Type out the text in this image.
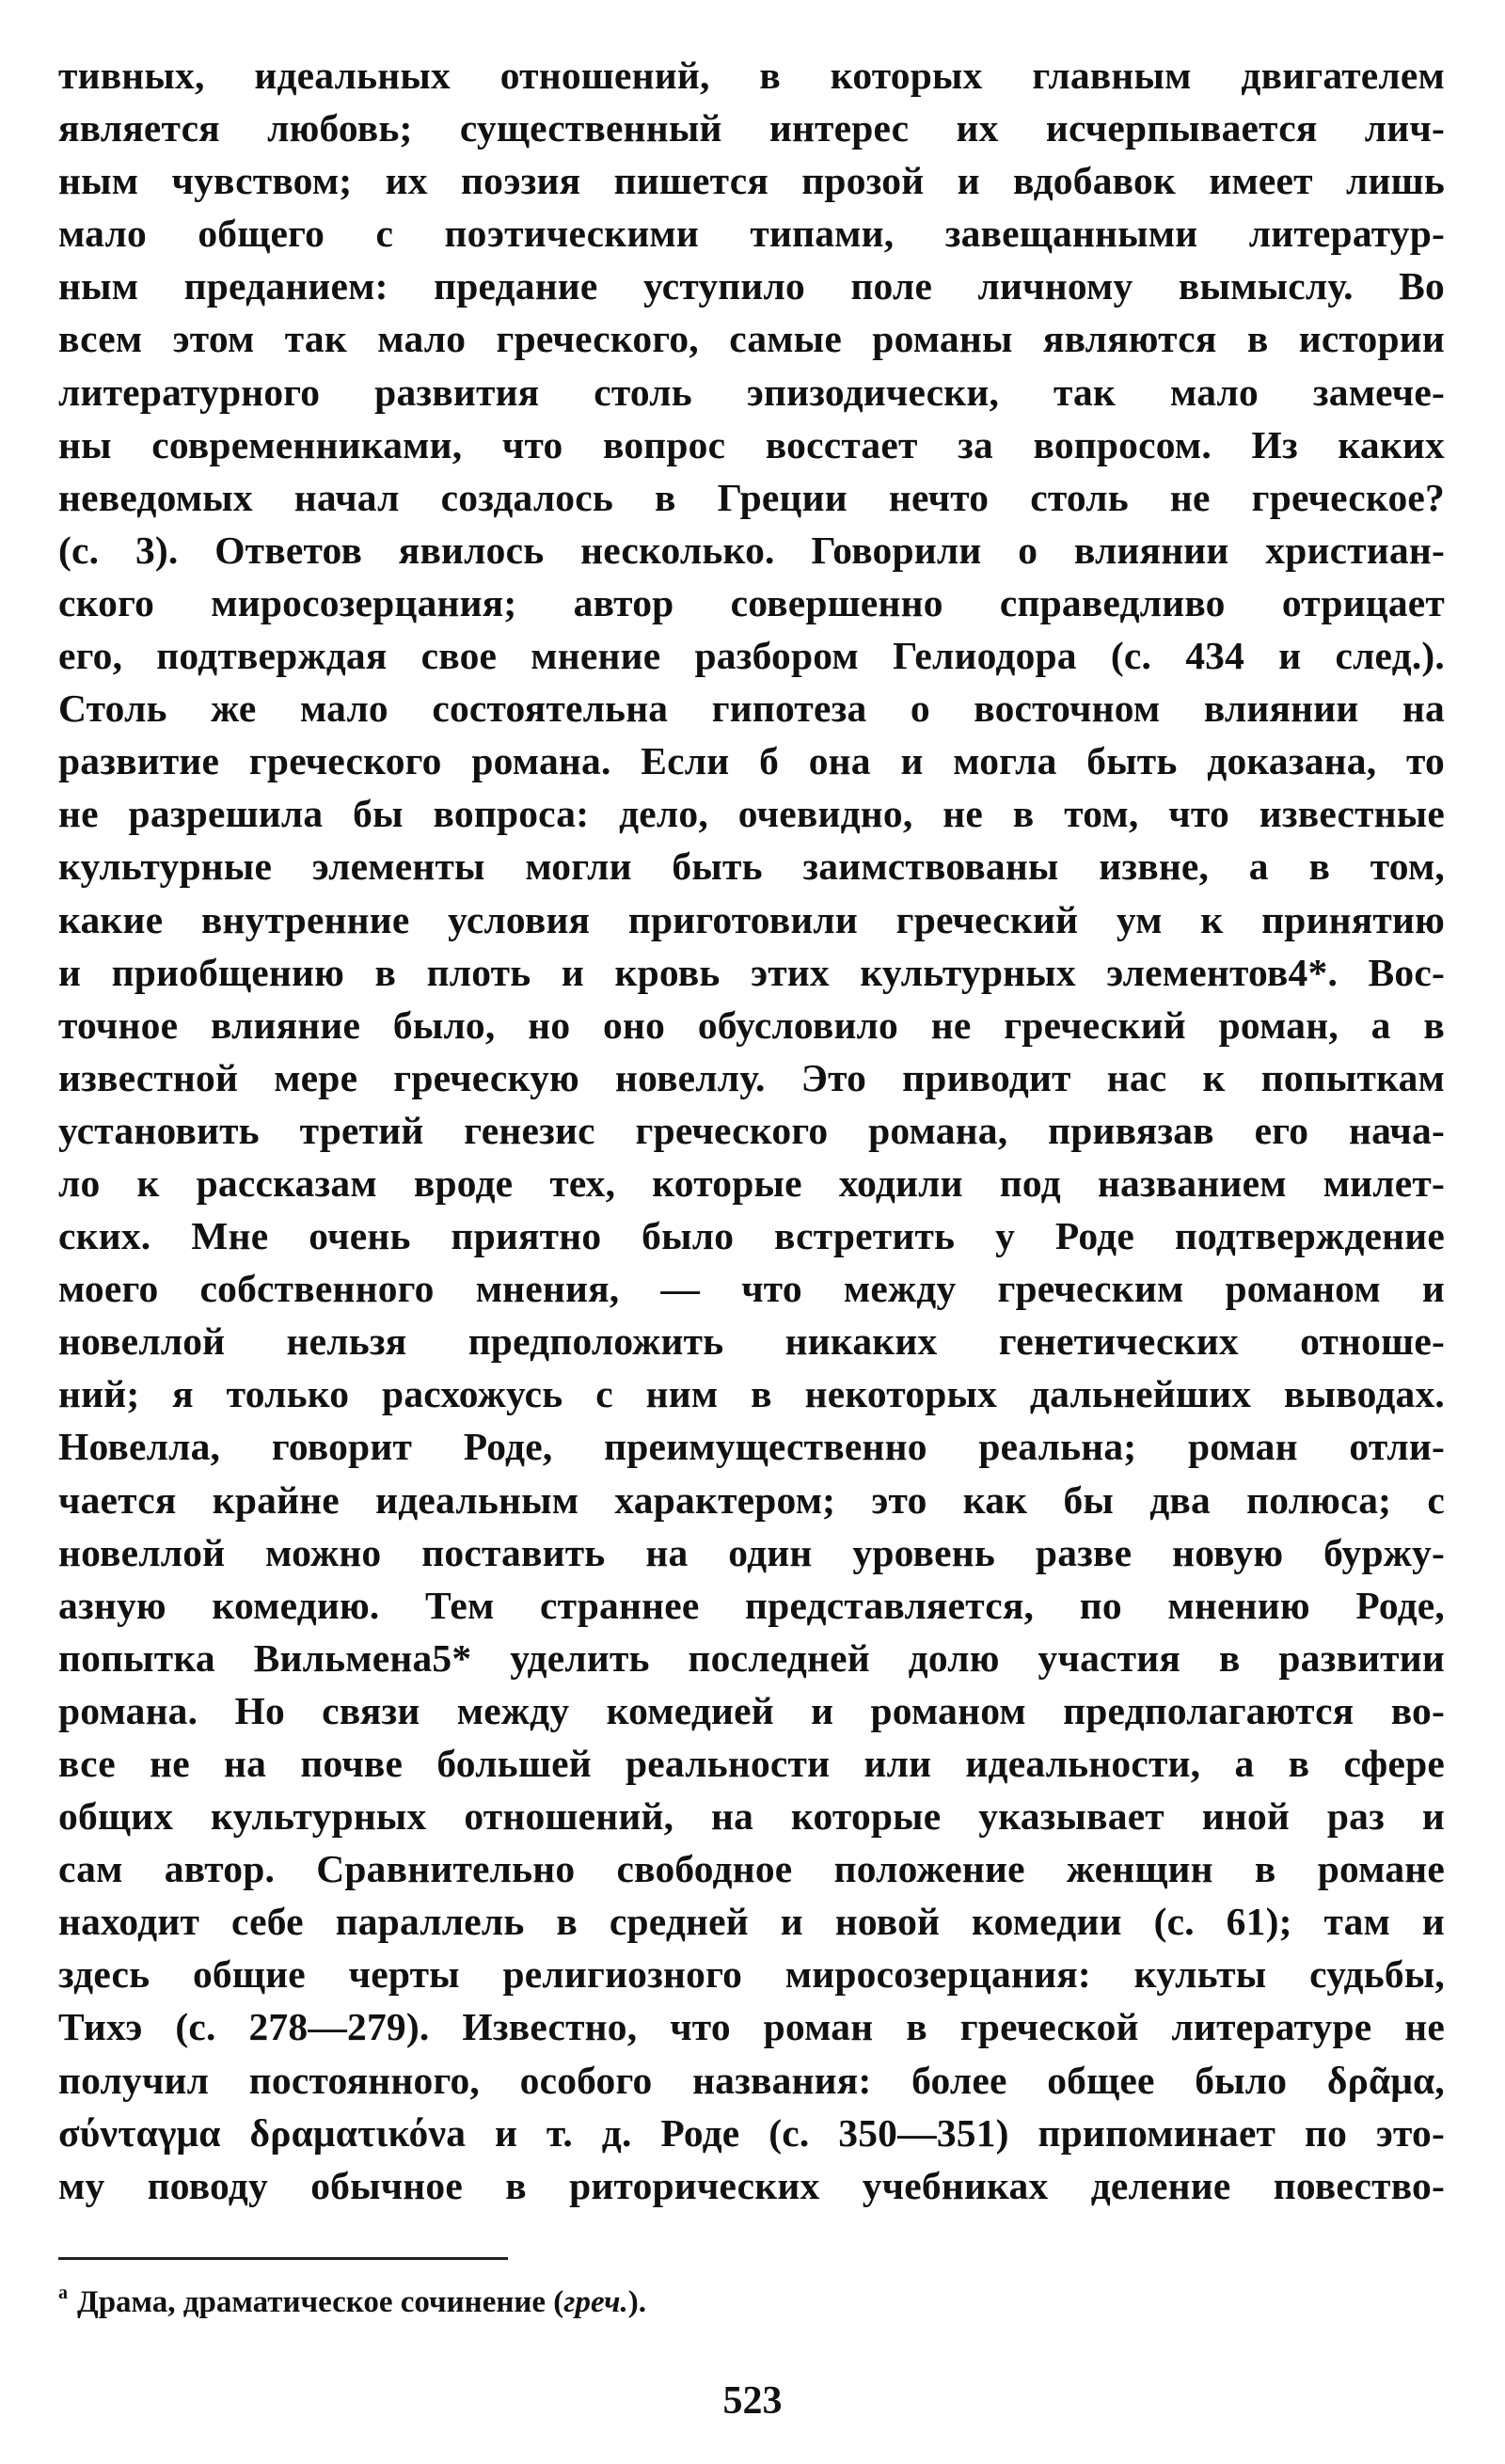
тивных, идеальных отношений, в которых главным двигателем
является любовь; существенный интерес их исчерпывается лич-
ным чувством; их поэзия пишется прозой и вдобавок имеет лишь
мало общего с поэтическими типами, завещанными литератур-
ным преданием: предание уступило поле личному вымыслу. Во
всем этом так мало греческого, самые романы являются в истории
литературного развития столь эпизодически, так мало замече-
ны современниками, что вопрос восстает за вопросом. Из каких
неведомых начал создалось в Греции нечто столь не греческое?
(с. 3). Ответов явилось несколько. Говорили о влиянии христиан-
ского миросозерцания; автор совершенно справедливо отрицает
его, подтверждая свое мнение разбором Гелиодора (с. 434 и след.).
Столь же мало состоятельна гипотеза о восточном влиянии на
развитие греческого романа. Если б она и могла быть доказана, то
не разрешила бы вопроса: дело, очевидно, не в том, что известные
культурные элементы могли быть заимствованы извне, а в том,
какие внутренние условия приготовили греческий ум к принятию
и приобщению в плоть и кровь этих культурных элементов4*. Вос-
точное влияние было, но оно обусловило не греческий роман, а в
известной мере греческую новеллу. Это приводит нас к попыткам
установить третий генезис греческого романа, привязав его нача-
ло к рассказам вроде тех, которые ходили под названием милет-
ских. Мне очень приятно было встретить у Роде подтверждение
моего собственного мнения, — что между греческим романом и
новеллой нельзя предположить никаких генетических отноше-
ний; я только расхожусь с ним в некоторых дальнейших выводах.
Новелла, говорит Роде, преимущественно реальна; роман отли-
чается крайне идеальным характером; это как бы два полюса; с
новеллой можно поставить на один уровень разве новую буржу-
азную комедию. Тем страннее представляется, по мнению Роде,
попытка Вильмена5* уделить последней долю участия в развитии
романа. Но связи между комедией и романом предполагаются во-
все не на почве большей реальности или идеальности, а в сфере
общих культурных отношений, на которые указывает иной раз и
сам автор. Сравнительно свободное положение женщин в романе
находит себе параллель в средней и новой комедии (с. 61); там и
здесь общие черты религиозного миросозерцания: культы судьбы,
Тихэ (с. 278—279). Известно, что роман в греческой литературе не
получил постоянного, особого названия: более общее было δρᾶμα,
σύνταγμα δραματικόνa и т. д. Роде (с. 350—351) припоминает по это-
му поводу обычное в риторических учебниках деление повество-
$^a$ Драма, драматическое сочинение (греч.).
523
